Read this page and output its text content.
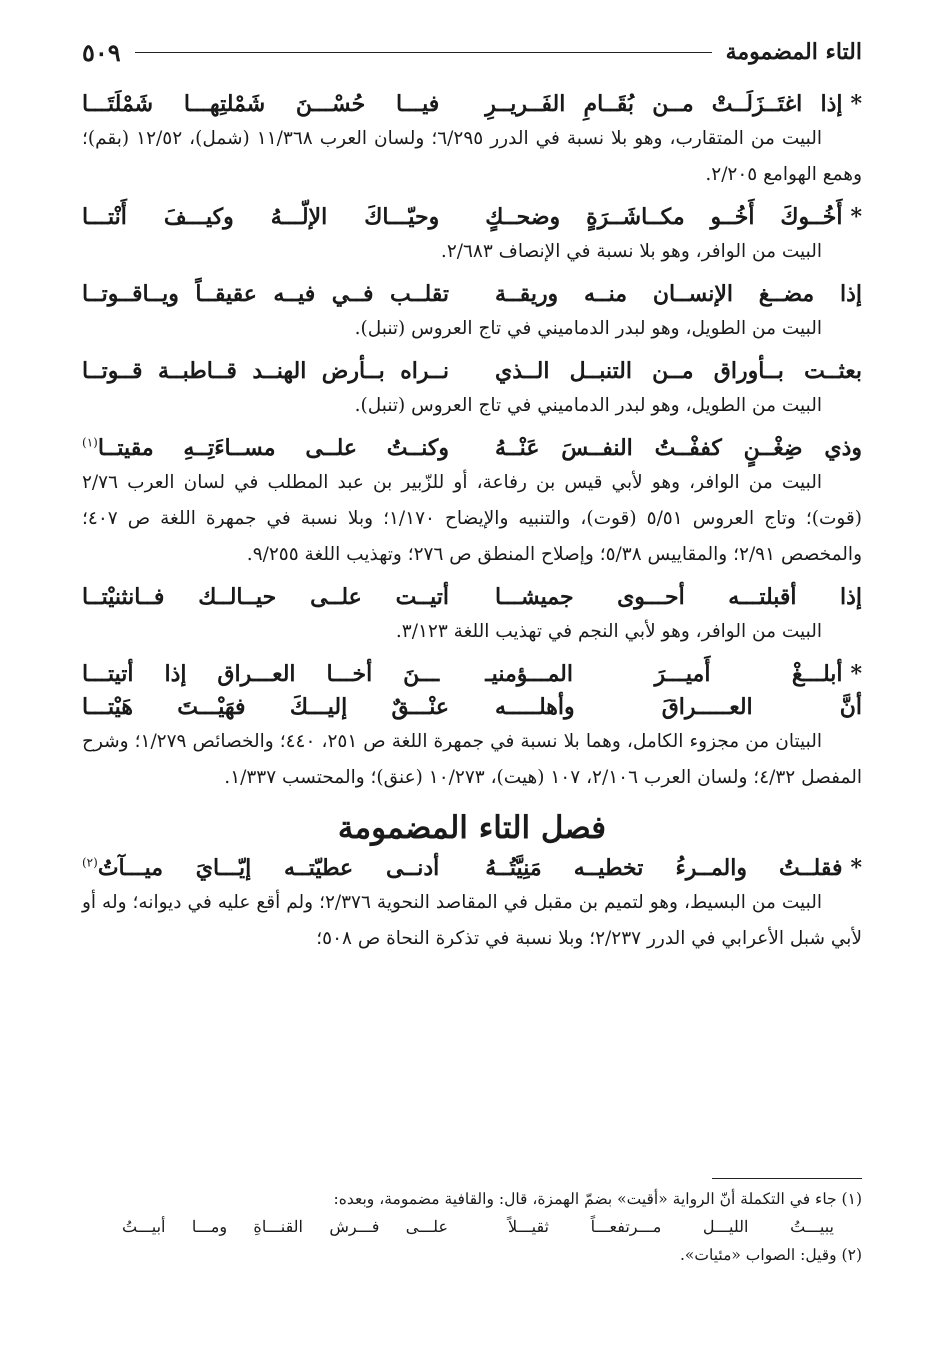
التاء المضمومة
٥٠٩
*
إذا اغتَــزَلَــتْ مــن بُقَــامِ الفَــريــرِ
فيـــا حُسْـــنَ شَمْلتِهـــا شَمْلَتَـــا

البيت من المتقارب، وهو بلا نسبة في الدرر ٦/٢٩٥؛ ولسان العرب ١١/٣٦٨ (شمل)، ١٢/٥٢ (بقم)؛ وهمع الهوامع ٢/٢٠٥.

*
أَخُــوكَ أَخُــو مكــاشَــرَةٍ وضحــكٍ
وحيّـــاكَ الإلّـــهُ وكيـــفَ أَنْتـــا

البيت من الوافر، وهو بلا نسبة في الإنصاف ٢/٦٨٣.

إذا مضــغ الإنســان منــه وريقــة
تقلــب فــي فيــه عقيقــاً ويــاقــوتــا

البيت من الطويل، وهو لبدر الدماميني في تاج العروس (تنبل).

بعثــت بــأوراق مــن التنبــل الــذي
نــراه بــأرض الهنــد قــاطبــة قــوتــا

البيت من الطويل، وهو لبدر الدماميني في تاج العروس (تنبل).

وذي ضِغْــنٍ كففْــتُ النفــسَ عَنْــهُ
وكنــتُ علــى مســاءَتِــهِ مقيتــا$^{(١)}$

البيت من الوافر، وهو لأبي قيس بن رفاعة، أو للزّبير بن عبد المطلب في لسان العرب ٢/٧٦ (قوت)؛ وتاج العروس ٥/٥١ (قوت)، والتنبيه والإيضاح ١/١٧٠؛ وبلا نسبة في جمهرة اللغة ص ٤٠٧؛ والمخصص ٢/٩١؛ والمقاييس ٥/٣٨؛ وإصلاح المنطق ص ٢٧٦؛ وتهذيب اللغة ٩/٢٥٥.

إذا أقبلتـــه أحـــوى جميشـــا
أتيــت علــى حيــالــك فــانثنيْتــا

البيت من الوافر، وهو لأبي النجم في تهذيب اللغة ٣/١٢٣.

*
أبلـــغْ أَميـــرَ المـــؤمنيـ
ـــنَ أخـــا العـــراق إذا أتيتـــا
أنَّ العـــــراقَ وأهلـــــه
عنْـــقٌ إليـــكَ فهَيْـــتَ هَيْتـــا

البيتان من مجزوء الكامل، وهما بلا نسبة في جمهرة اللغة ص ٢٥١، ٤٤٠؛ والخصائص ١/٢٧٩؛ وشرح المفصل ٤/٣٢؛ ولسان العرب ٢/١٠٦، ١٠٧ (هيت)، ١٠/٢٧٣ (عنق)؛ والمحتسب ١/٣٣٧.

فصل التاء المضمومة
*
فقلــتُ والمــرءُ تخطيــه مَنِيَّتُــهُ
أدنــى عطيّتــه إيّـــايَ ميـــآتُ$^{(٢)}$

البيت من البسيط، وهو لتميم بن مقبل في المقاصد النحوية ٢/٣٧٦؛ ولم أقع عليه في ديوانه؛ وله أو لأبي شبل الأعرابي في الدرر ٢/٢٣٧؛ وبلا نسبة في تذكرة النحاة ص ٥٠٨؛

(١) جاء في التكملة أنّ الرواية «أقيت» بضمّ الهمزة، قال: والقافية مضمومة، وبعده:
يبيـــتُ الليـــل مـــرتفعـــاً ثقيـــلاً
علـــى فـــرش القنـــاةِ ومـــا أبيـــتُ
(٢) وقيل: الصواب «مئيات».
